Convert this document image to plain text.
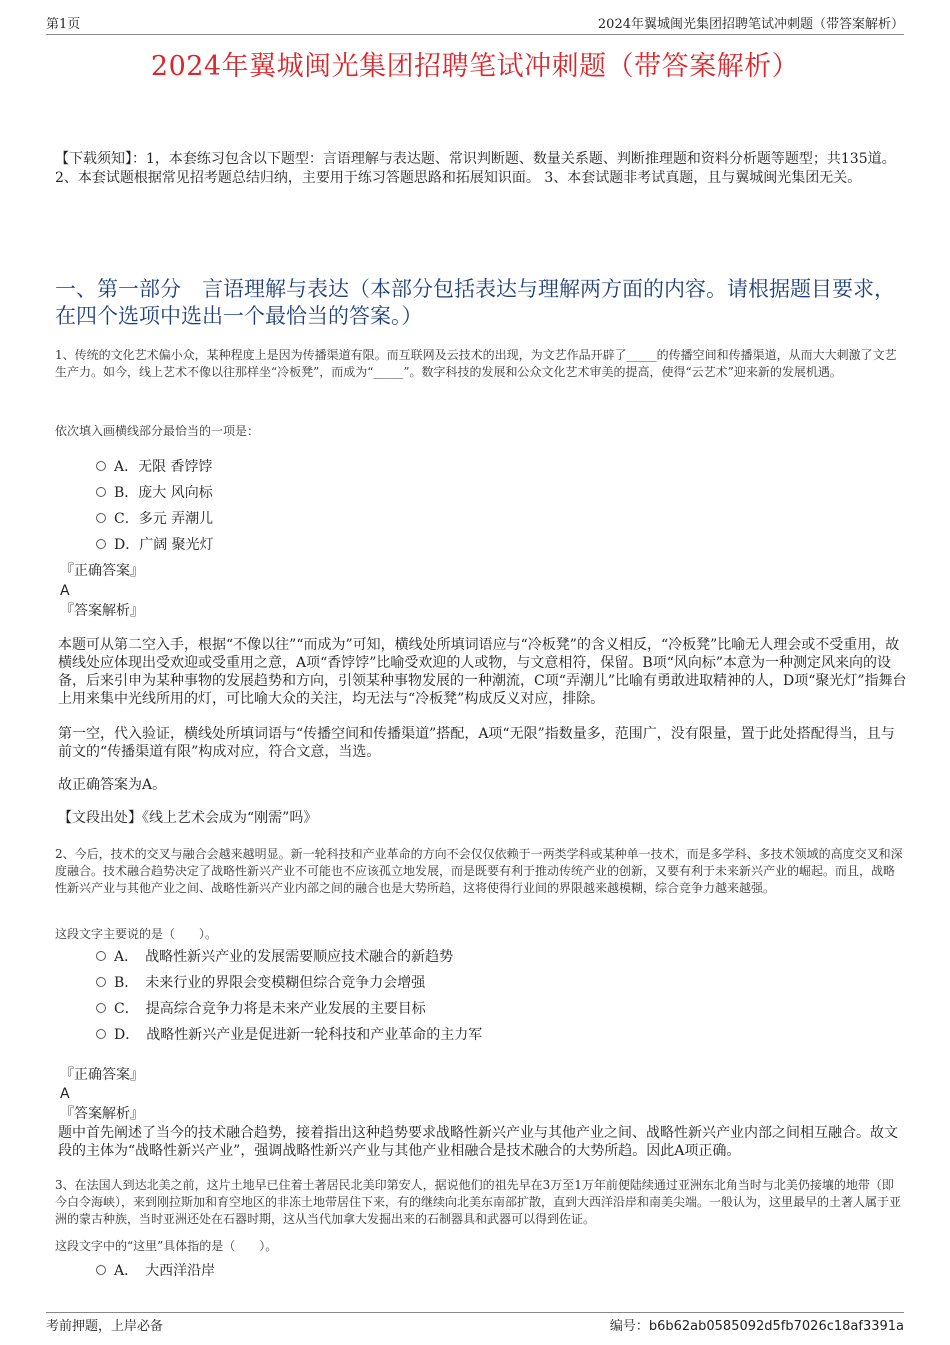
第1页	2024年翼城闽光集团招聘笔试冲刺题（带答案解析）
2024年翼城闽光集团招聘笔试冲刺题（带答案解析）
【下载须知】：1，本套练习包含以下题型：言语理解与表达题、常识判断题、数量关系题、判断推理题和资料分析题等题型；共135道。 2、本套试题根据常见招考题总结归纳，主要用于练习答题思路和拓展知识面。 3、本套试题非考试真题，且与翼城闽光集团无关。
一、第一部分　言语理解与表达（本部分包括表达与理解两方面的内容。请根据题目要求，在四个选项中选出一个最恰当的答案。）
1、传统的文化艺术偏小众，某种程度上是因为传播渠道有限。而互联网及云技术的出现，为文艺作品开辟了_____的传播空间和传播渠道，从而大大刺激了文艺生产力。如今，线上艺术不像以往那样坐“冷板凳”，而成为“_____”。数字科技的发展和公众文化艺术审美的提高，使得“云艺术”迎来新的发展机遇。
依次填入画横线部分最恰当的一项是：
A．无限 香饽饽
B．庞大 风向标
C．多元 弄潮儿
D．广阔 聚光灯
『正确答案』
A
『答案解析』
本题可从第二空入手，根据“不像以往”“而成为”可知，横线处所填词语应与“冷板凳”的含义相反，“冷板凳”比喻无人理会或不受重用，故横线处应体现出受欢迎或受重用之意，A项“香饽饽”比喻受欢迎的人或物，与文意相符，保留。B项“风向标”本意为一种测定风来向的设备，后来引申为某种事物的发展趋势和方向，引领某种事物发展的一种潮流，C项“弄潮儿”比喻有勇敢进取精神的人，D项“聚光灯”指舞台上用来集中光线所用的灯，可比喻大众的关注，均无法与“冷板凳”构成反义对应，排除。
第一空，代入验证，横线处所填词语与“传播空间和传播渠道”搭配，A项“无限”指数量多，范围广，没有限量，置于此处搭配得当，且与前文的“传播渠道有限”构成对应，符合文意，当选。
故正确答案为A。
【文段出处】《线上艺术会成为“刚需”吗》
2、今后，技术的交叉与融合会越来越明显。新一轮科技和产业革命的方向不会仅仅依赖于一两类学科或某种单一技术，而是多学科、多技术领域的高度交叉和深度融合。技术融合趋势决定了战略性新兴产业不可能也不应该孤立地发展，而是既要有利于推动传统产业的创新，又要有利于未来新兴产业的崛起。而且，战略性新兴产业与其他产业之间、战略性新兴产业内部之间的融合也是大势所趋，这将使得行业间的界限越来越模糊，综合竞争力越来越强。
这段文字主要说的是（　　）。
A．　战略性新兴产业的发展需要顺应技术融合的新趋势
B．　未来行业的界限会变模糊但综合竞争力会增强
C．　提高综合竞争力将是未来产业发展的主要目标
D．　战略性新兴产业是促进新一轮科技和产业革命的主力军
『正确答案』
A
『答案解析』
题中首先阐述了当今的技术融合趋势，接着指出这种趋势要求战略性新兴产业与其他产业之间、战略性新兴产业内部之间相互融合。故文段的主体为“战略性新兴产业”，强调战略性新兴产业与其他产业相融合是技术融合的大势所趋。因此A项正确。
3、在法国人到达北美之前，这片土地早已住着土著居民北美印第安人，据说他们的祖先早在3万至1万年前便陆续通过亚洲东北角当时与北美仍接壤的地带（即今白令海峡），来到刚拉斯加和育空地区的非冻土地带居住下来，有的继续向北美东南部扩散，直到大西洋沿岸和南美尖端。一般认为，这里最早的土著人属于亚洲的蒙古种族，当时亚洲还处在石器时期，这从当代加拿大发掘出来的石制器具和武器可以得到佐证。
这段文字中的“这里”具体指的是（　　）。
A．　大西洋沿岸
考前押题，上岸必备	编号：b6b62ab0585092d5fb7026c18af3391a
